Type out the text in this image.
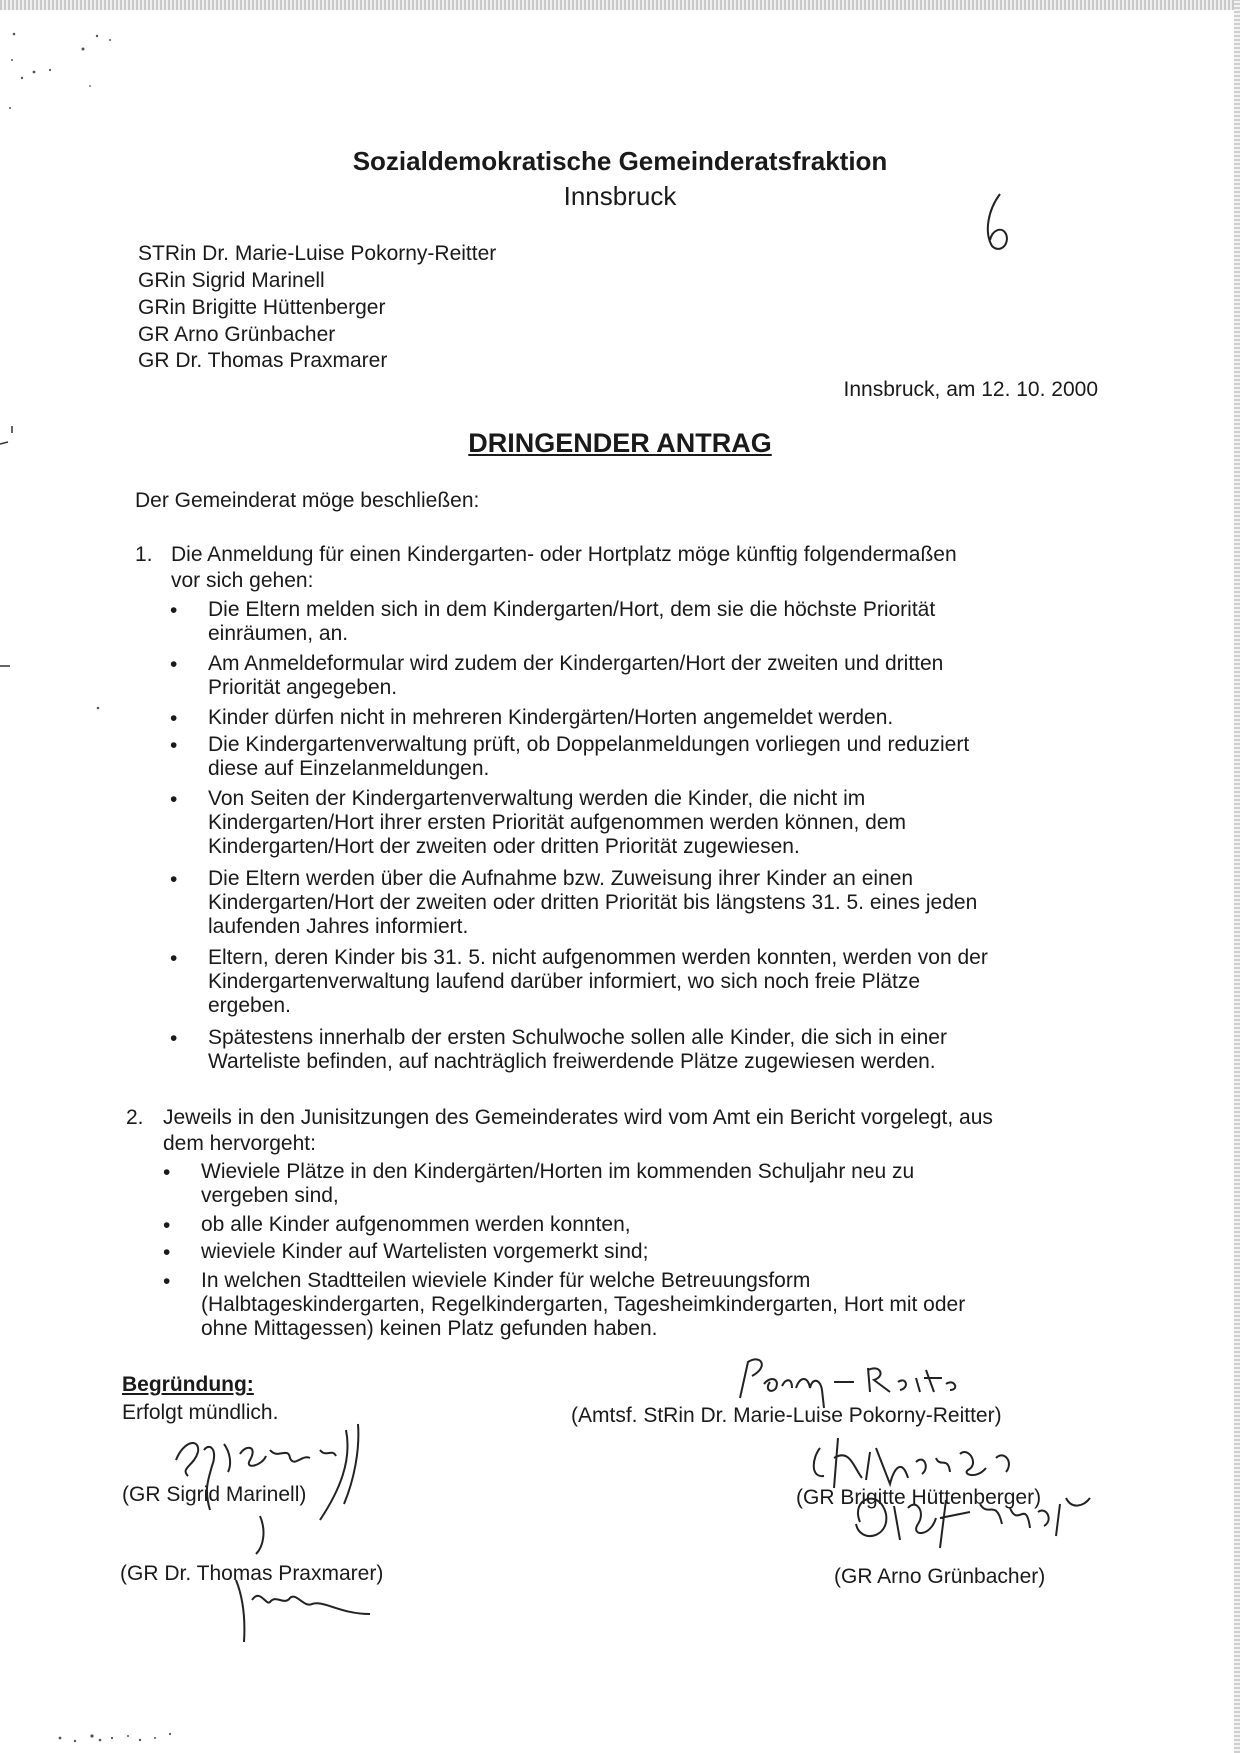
Sozialdemokratische Gemeinderatsfraktion
Innsbruck
STRin Dr. Marie-Luise Pokorny-Reitter
GRin Sigrid Marinell
GRin Brigitte Hüttenberger
GR Arno Grünbacher
GR Dr. Thomas Praxmarer
Innsbruck, am 12. 10. 2000
DRINGENDER ANTRAG
Der Gemeinderat möge beschließen:
1. Die Anmeldung für einen Kindergarten- oder Hortplatz möge künftig folgendermaßen
vor sich gehen:
• Die Eltern melden sich in dem Kindergarten/Hort, dem sie die höchste Priorität
einräumen, an.
• Am Anmeldeformular wird zudem der Kindergarten/Hort der zweiten und dritten
Priorität angegeben.
• Kinder dürfen nicht in mehreren Kindergärten/Horten angemeldet werden.
• Die Kindergartenverwaltung prüft, ob Doppelanmeldungen vorliegen und reduziert
diese auf Einzelanmeldungen.
• Von Seiten der Kindergartenverwaltung werden die Kinder, die nicht im
Kindergarten/Hort ihrer ersten Priorität aufgenommen werden können, dem
Kindergarten/Hort der zweiten oder dritten Priorität zugewiesen.
• Die Eltern werden über die Aufnahme bzw. Zuweisung ihrer Kinder an einen
Kindergarten/Hort der zweiten oder dritten Priorität bis längstens 31. 5. eines jeden
laufenden Jahres informiert.
• Eltern, deren Kinder bis 31. 5. nicht aufgenommen werden konnten, werden von der
Kindergartenverwaltung laufend darüber informiert, wo sich noch freie Plätze
ergeben.
• Spätestens innerhalb der ersten Schulwoche sollen alle Kinder, die sich in einer
Warteliste befinden, auf nachträglich freiwerdende Plätze zugewiesen werden.
2. Jeweils in den Junisitzungen des Gemeinderates wird vom Amt ein Bericht vorgelegt, aus
dem hervorgeht:
• Wieviele Plätze in den Kindergärten/Horten im kommenden Schuljahr neu zu
vergeben sind,
• ob alle Kinder aufgenommen werden konnten,
• wieviele Kinder auf Wartelisten vorgemerkt sind;
• In welchen Stadtteilen wieviele Kinder für welche Betreuungsform
(Halbtageskindergarten, Regelkindergarten, Tagesheimkindergarten, Hort mit oder
ohne Mittagessen) keinen Platz gefunden haben.
Begründung:
Erfolgt mündlich.	(Amtsf. StRin Dr. Marie-Luise Pokorny-Reitter)
(GR Sigrid Marinell)	(GR Brigitte Hüttenberger)
(GR Arno Grünbacher)
(GR Dr. Thomas Praxmarer)
